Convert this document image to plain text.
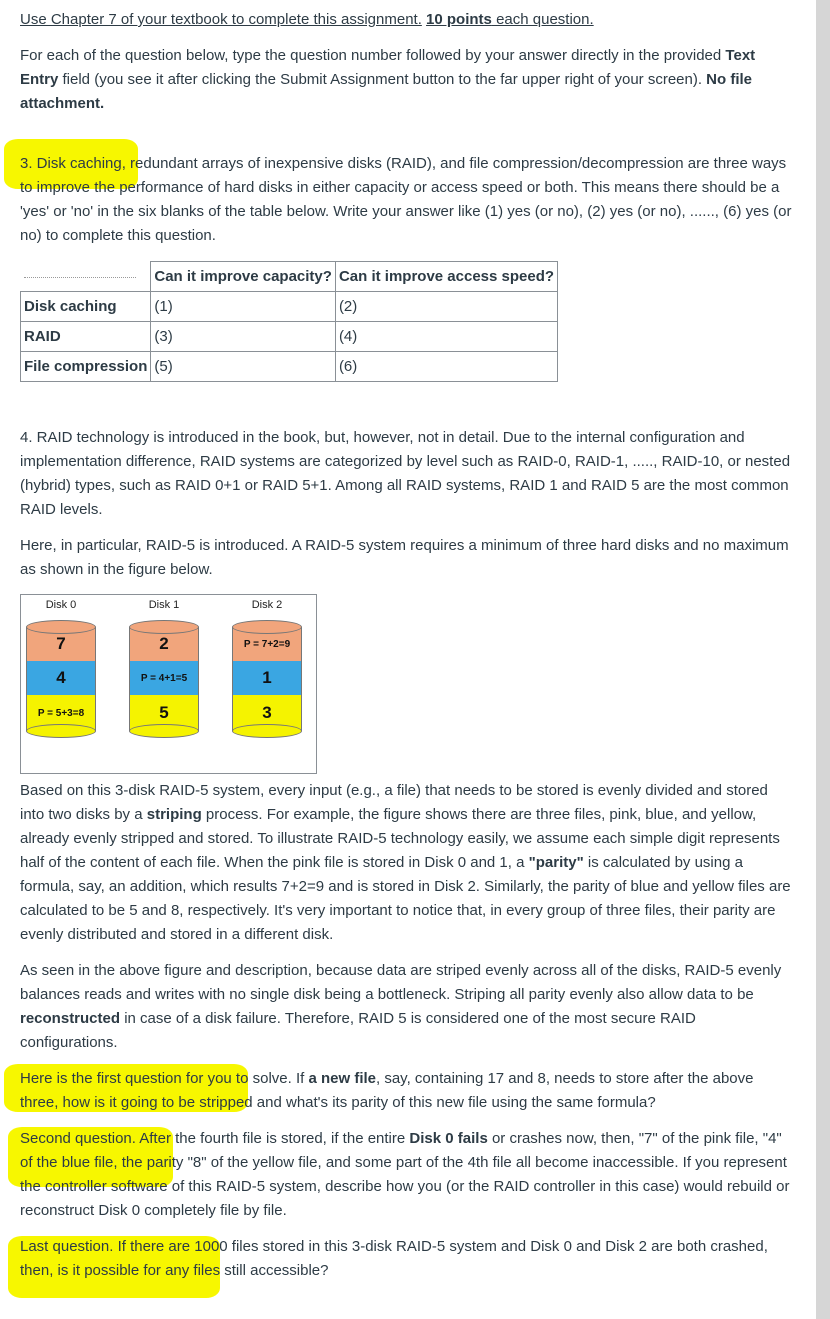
Use Chapter 7 of your textbook to complete this assignment. 10 points each question.

For each of the question below, type the question number followed by your answer directly in the provided Text Entry field (you see it after clicking the Submit Assignment button to the far upper right of your screen). No file attachment.

3. Disk caching, redundant arrays of inexpensive disks (RAID), and file compression/decompression are three ways to improve the performance of hard disks in either capacity or access speed or both. This means there should be a 'yes' or 'no' in the six blanks of the table below. Write your answer like (1) yes (or no), (2) yes (or no), ......, (6) yes (or no) to complete this question.

	Can it improve capacity?	Can it improve access speed?
Disk caching	(1)	(2)
RAID	(3)	(4)
File compression	(5)	(6)

4. RAID technology is introduced in the book, but, however, not in detail. Due to the internal configuration and implementation difference, RAID systems are categorized by level such as RAID-0, RAID-1, ....., RAID-10, or nested (hybrid) types, such as RAID 0+1 or RAID 5+1. Among all RAID systems, RAID 1 and RAID 5 are the most common RAID levels.

Here, in particular, RAID-5 is introduced. A RAID-5 system requires a minimum of three hard disks and no maximum as shown in the figure below.

Disk 0
7
4
P = 5+3=8
Disk 1
2
P = 4+1=5
5
Disk 2
P = 7+2=9
1
3

Based on this 3-disk RAID-5 system, every input (e.g., a file) that needs to be stored is evenly divided and stored into two disks by a striping process. For example, the figure shows there are three files, pink, blue, and yellow, already evenly stripped and stored. To illustrate RAID-5 technology easily, we assume each simple digit represents half of the content of each file. When the pink file is stored in Disk 0 and 1, a "parity" is calculated by using a formula, say, an addition, which results 7+2=9 and is stored in Disk 2. Similarly, the parity of blue and yellow files are calculated to be 5 and 8, respectively. It's very important to notice that, in every group of three files, their parity are evenly distributed and stored in a different disk.

As seen in the above figure and description, because data are striped evenly across all of the disks, RAID-5 evenly balances reads and writes with no single disk being a bottleneck. Striping all parity evenly also allow data to be reconstructed in case of a disk failure. Therefore, RAID 5 is considered one of the most secure RAID configurations.

Here is the first question for you to solve. If a new file, say, containing 17 and 8, needs to store after the above three, how is it going to be stripped and what's its parity of this new file using the same formula?

Second question. After the fourth file is stored, if the entire Disk 0 fails or crashes now, then, "7" of the pink file, "4" of the blue file, the parity "8" of the yellow file, and some part of the 4th file all become inaccessible. If you represent the controller software of this RAID-5 system, describe how you (or the RAID controller in this case) would rebuild or reconstruct Disk 0 completely file by file.

Last question. If there are 1000 files stored in this 3-disk RAID-5 system and Disk 0 and Disk 2 are both crashed, then, is it possible for any files still accessible?
